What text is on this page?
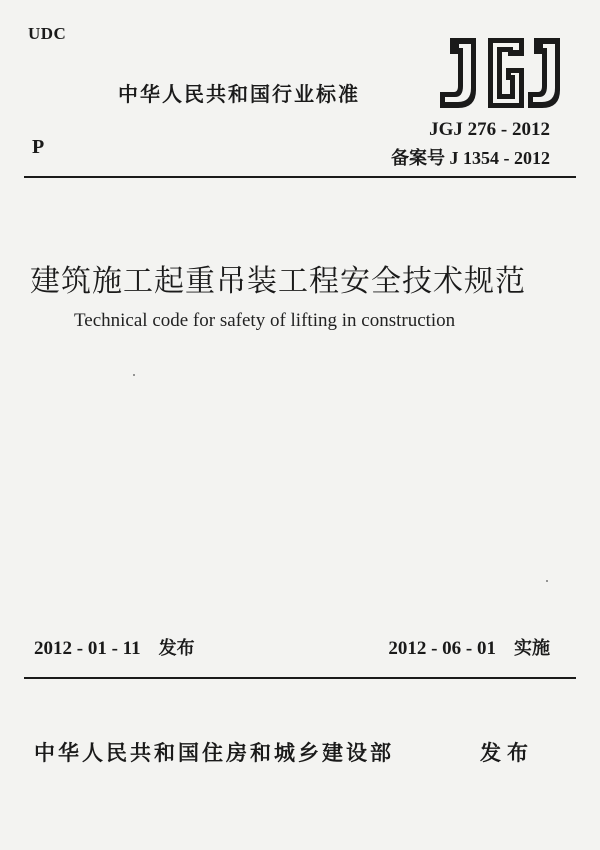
UDC
中华人民共和国行业标准
P
JGJ 276 - 2012
备案号 J 1354 - 2012
建筑施工起重吊装工程安全技术规范
Technical code for safety of lifting in construction
2012 - 01 - 11 发布	2012 - 06 - 01 实施
中华人民共和国住房和城乡建设部	发布
